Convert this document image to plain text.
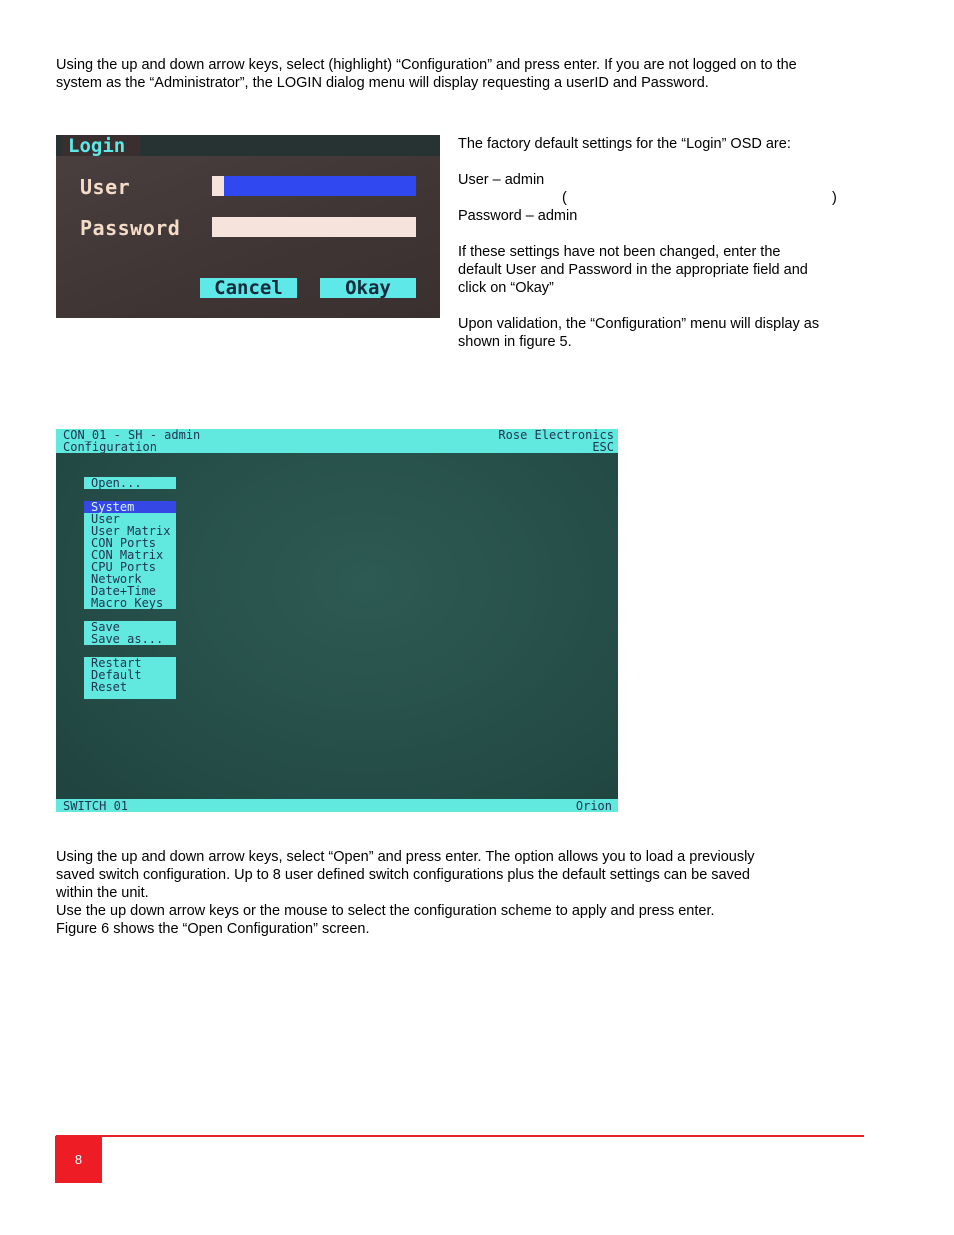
Using the up and down arrow keys, select (highlight) “Configuration” and press enter. If you are not logged on to the

system as the “Administrator”, the LOGIN dialog menu will display requesting a userID and Password.

Login
User
Password
Cancel	Okay
The factory default settings for the “Login” OSD are:
User – admin
(	)
Password – admin
If these settings have not been changed, enter the
default User and Password in the appropriate field and
click on “Okay”
Upon validation, the “Configuration” menu will display as
shown in figure 5.
CON_01 - SH - admin	Rose Electronics
Configuration	ESC
Open...
System
User
User Matrix
CON Ports
CON Matrix
CPU Ports
Network
Date+Time
Macro Keys
Save
Save as...
Restart
Default
Reset
SWITCH_01	Orion

Using the up and down arrow keys, select “Open” and press enter. The option allows you to load a previously

saved switch configuration. Up to 8 user defined switch configurations plus the default settings can be saved

within the unit.

Use the up down arrow keys or the mouse to select the configuration scheme to apply and press enter.

Figure 6 shows the “Open Configuration” screen.

8
